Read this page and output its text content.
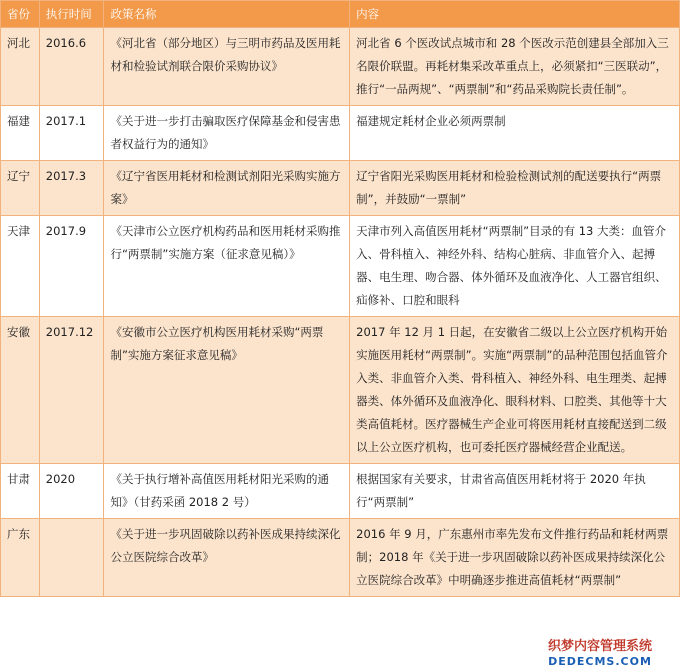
省份	执行时间	政策名称	内容
河北	2016.6	《河北省（部分地区）与三明市药品及医用耗材和检验试剂联合限价采购协议》	河北省 6 个医改试点城市和 28 个医改示范创建县全部加入三名限价联盟。再耗材集采改革重点上，必须紧扣“三医联动”，推行“一品两规”、“两票制”和“药品采购院长责任制”。
福建	2017.1	《关于进一步打击骗取医疗保障基金和侵害患者权益行为的通知》	福建规定耗材企业必须两票制
辽宁	2017.3	《辽宁省医用耗材和检测试剂阳光采购实施方案》	辽宁省阳光采购医用耗材和检验检测试剂的配送要执行“两票制”，并鼓励“一票制”
天津	2017.9	《天津市公立医疗机构药品和医用耗材采购推行“两票制”实施方案（征求意见稿）》	天津市列入高值医用耗材“两票制”目录的有 13 大类：血管介入、骨科植入、神经外科、结构心脏病、非血管介入、起搏器、电生理、吻合器、体外循环及血液净化、人工器官组织、疝修补、口腔和眼科
安徽	2017.12	《安徽市公立医疗机构医用耗材采购“两票制”实施方案征求意见稿》	2017 年 12 月 1 日起，在安徽省二级以上公立医疗机构开始实施医用耗材“两票制”。实施“两票制”的品种范围包括血管介入类、非血管介入类、骨科植入、神经外科、电生理类、起搏器类、体外循环及血液净化、眼科材料、口腔类、其他等十大类高值耗材。医疗器械生产企业可将医用耗材直接配送到二级以上公立医疗机构，也可委托医疗器械经营企业配送。
甘肃	2020	《关于执行增补高值医用耗材阳光采购的通知》（甘药采函 2018 2 号）	根据国家有关要求，甘肃省高值医用耗材将于 2020 年执行“两票制”
广东		《关于进一步巩固破除以药补医成果持续深化公立医院综合改革》	2016 年 9 月，广东惠州市率先发布文件推行药品和耗材两票制；2018 年《关于进一步巩固破除以药补医成果持续深化公立医院综合改革》中明确逐步推进高值耗材“两票制”
织梦内容管理系统
DEDECMS.COM
